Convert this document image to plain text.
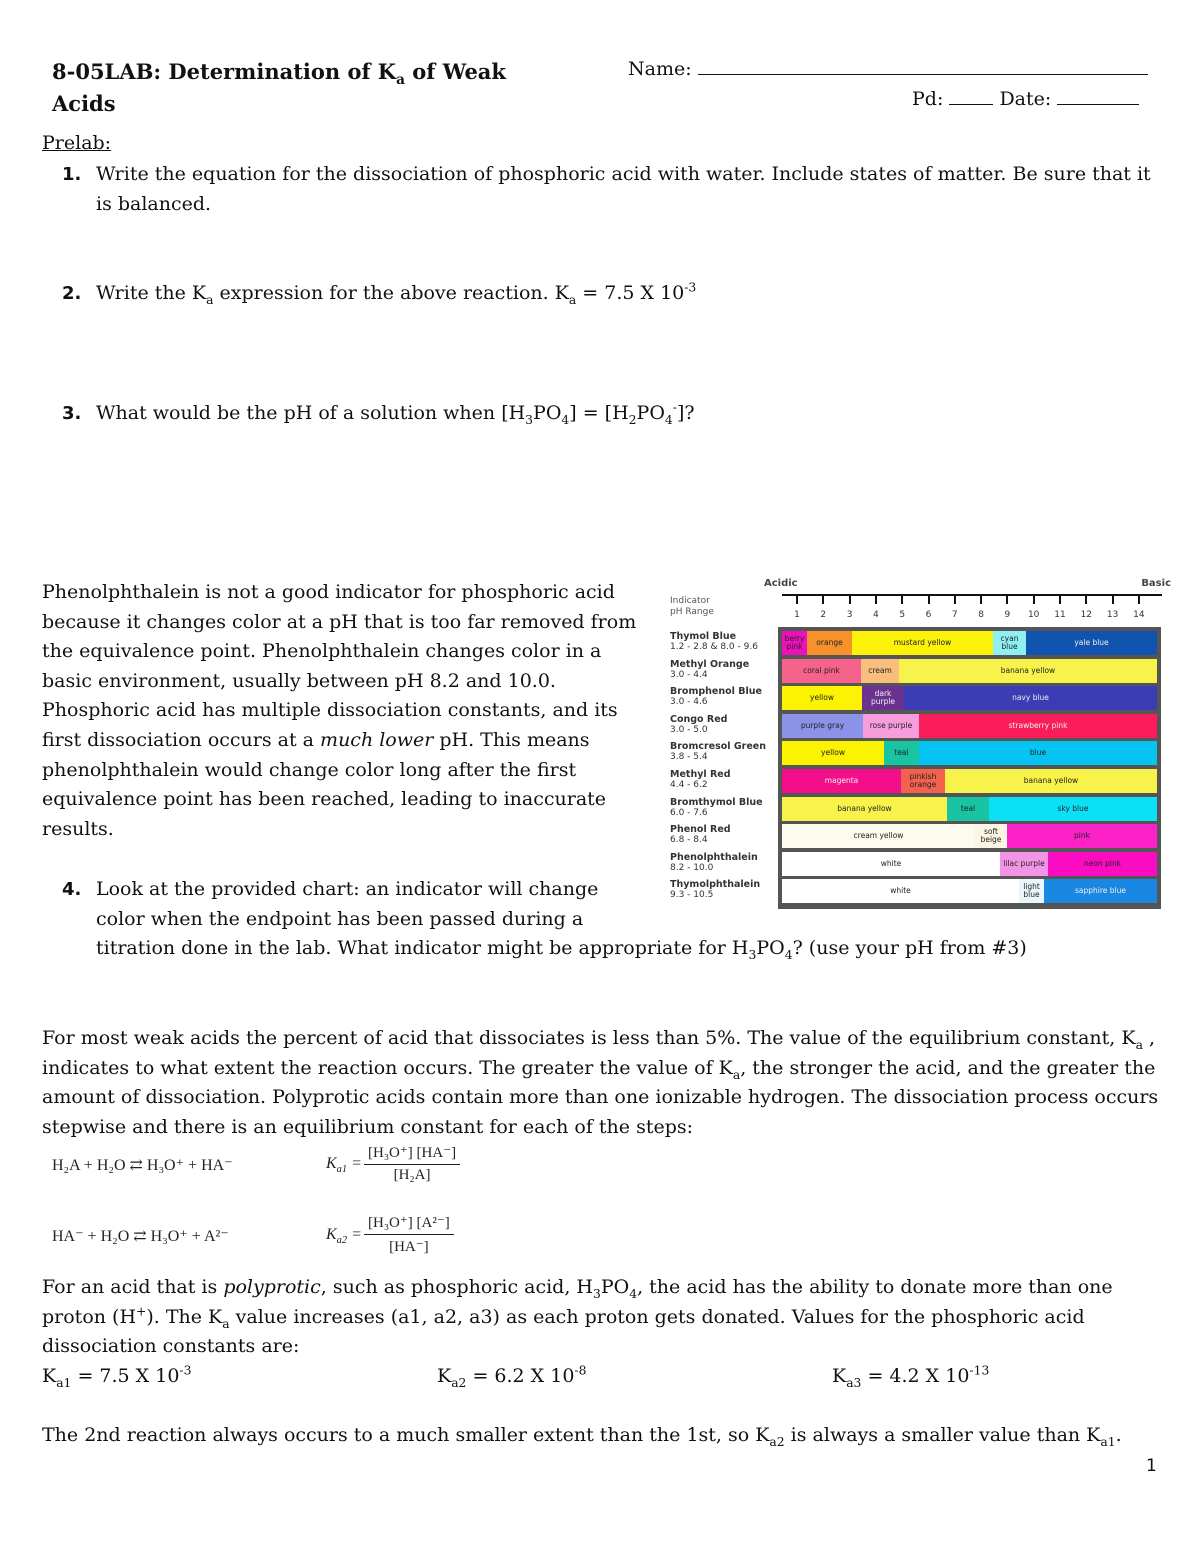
8-05LAB: Determination of $K_a$ of Weak Acids
Name:
Pd:	Date:
Prelab:
1. Write the equation for the dissociation of phosphoric acid with water. Include states of matter. Be sure that it is balanced.
2. Write the $K_a$ expression for the above reaction. $K_a = 7.5$ X $10^{-3}$
3. What would be the pH of a solution when $[H_3PO_4] = [H_2PO_4^-]$?
Phenolphthalein is not a good indicator for phosphoric acid because it changes color at a pH that is too far removed from the equivalence point. Phenolphthalein changes color in a basic environment, usually between pH 8.2 and 10.0. Phosphoric acid has multiple dissociation constants, and its first dissociation occurs at a much lower pH. This means phenolphthalein would change color long after the first equivalence point has been reached, leading to inaccurate results.
Acidic	Basic
Indicator
pH Range	1	2	3	4	5	6	7	8	9	10 11 12 13 14
Thymol Blue
1.2 - 2.8 & 8.0 - 9.6
berry pink	orange	mustard yellow	cyan blue	yale blue
Methyl Orange
3.0 - 4.4	coral pink	cream	banana yellow
Bromphenol Blue
3.0 - 4.6	yellow	dark purple	navy blue
Congo Red
3.0 - 5.0	purple gray	rose purple	strawberry pink
Bromcresol Green
3.8 - 5.4	yellow	teal	blue
Methyl Red
4.4 - 6.2	magenta	pinkish orange	banana yellow
Bromthymol Blue
6.0 - 7.6	banana yellow	teal	sky blue
Phenol Red
6.8 - 8.4	cream yellow	soft beige	pink
Phenolphthalein
8.2 - 10.0	white	lilac purple	neon pink
Thymolphthalein
9.3 - 10.5	white	light blue	sapphire blue
4. Look at the provided chart: an indicator will change color when the endpoint has been passed during a
titration done in the lab. What indicator might be appropriate for $H_3PO_4$? (use your pH from #3)
For most weak acids the percent of acid that dissociates is less than 5%. The value of the equilibrium constant, $K_a$ , indicates to what extent the reaction occurs. The greater the value of $K_a$, the stronger the acid, and the greater the amount of dissociation. Polyprotic acids contain more than one ionizable hydrogen. The dissociation process occurs stepwise and there is an equilibrium constant for each of the steps:
H₂A + H₂O ⇄ H₃O⁺ + HA⁻	$K_{a1} = \frac{\text{[H₃O⁺] [HA⁻]}}{\text{[H₂A]}}$
HA⁻ + H₂O ⇄ H₃O⁺ + A²⁻	$K_{a2} = \frac{\text{[H₃O⁺] [A²⁻]}}{[HA^-]}$
For an acid that is polyprotic, such as phosphoric acid, $H_3PO_4$, the acid has the ability to donate more than one proton (H+). The $K_a$ value increases (a1, a2, a3) as each proton gets donated. Values for the phosphoric acid dissociation constants are:
$K_{a1} = 7.5$ X $10^{-3}$	$K_{a2} = 6.2$ X $10^{-8}$	$K_{a3} = 4.2$ X $10^{-13}$
The 2nd reaction always occurs to a much smaller extent than the 1st, so $K_{a2}$ is always a smaller value than $K_{a1}$.
1
